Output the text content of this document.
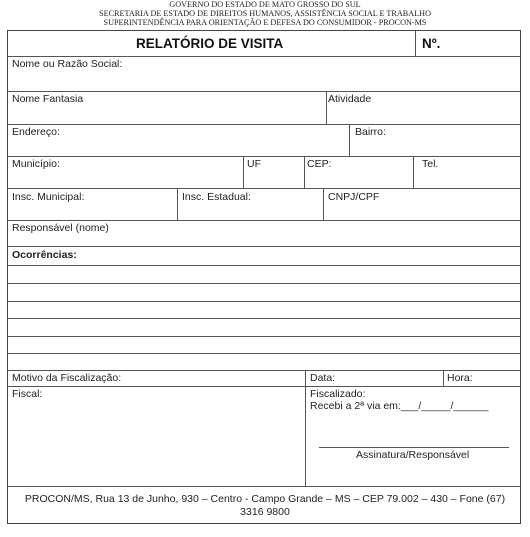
GOVERNO DO ESTADO DE MATO GROSSO DO SUL
SECRETARIA DE ESTADO DE DIREITOS HUMANOS, ASSISTÊNCIA SOCIAL E TRABALHO
SUPERINTENDÊNCIA PARA ORIENTAÇÃO E DEFESA DO CONSUMIDOR - PROCON-MS
RELATÓRIO DE VISITA	Nº.
Nome ou Razão Social:
Nome Fantasia	Atividade
Endereço:	Bairro:
Município:	UF	CEP:	Tel.
Insc. Municipal:	Insc. Estadual:	CNPJ/CPF
Responsável (nome)
Ocorrências:
Motivo da Fiscalização:	Data:	Hora:
Fiscal:	Fiscalizado:
Recebi a 2ª via em:___/_____/______
Assinatura/Responsável
PROCON/MS, Rua 13 de Junho, 930 – Centro - Campo Grande – MS – CEP 79.002 – 430 – Fone (67)
3316 9800
